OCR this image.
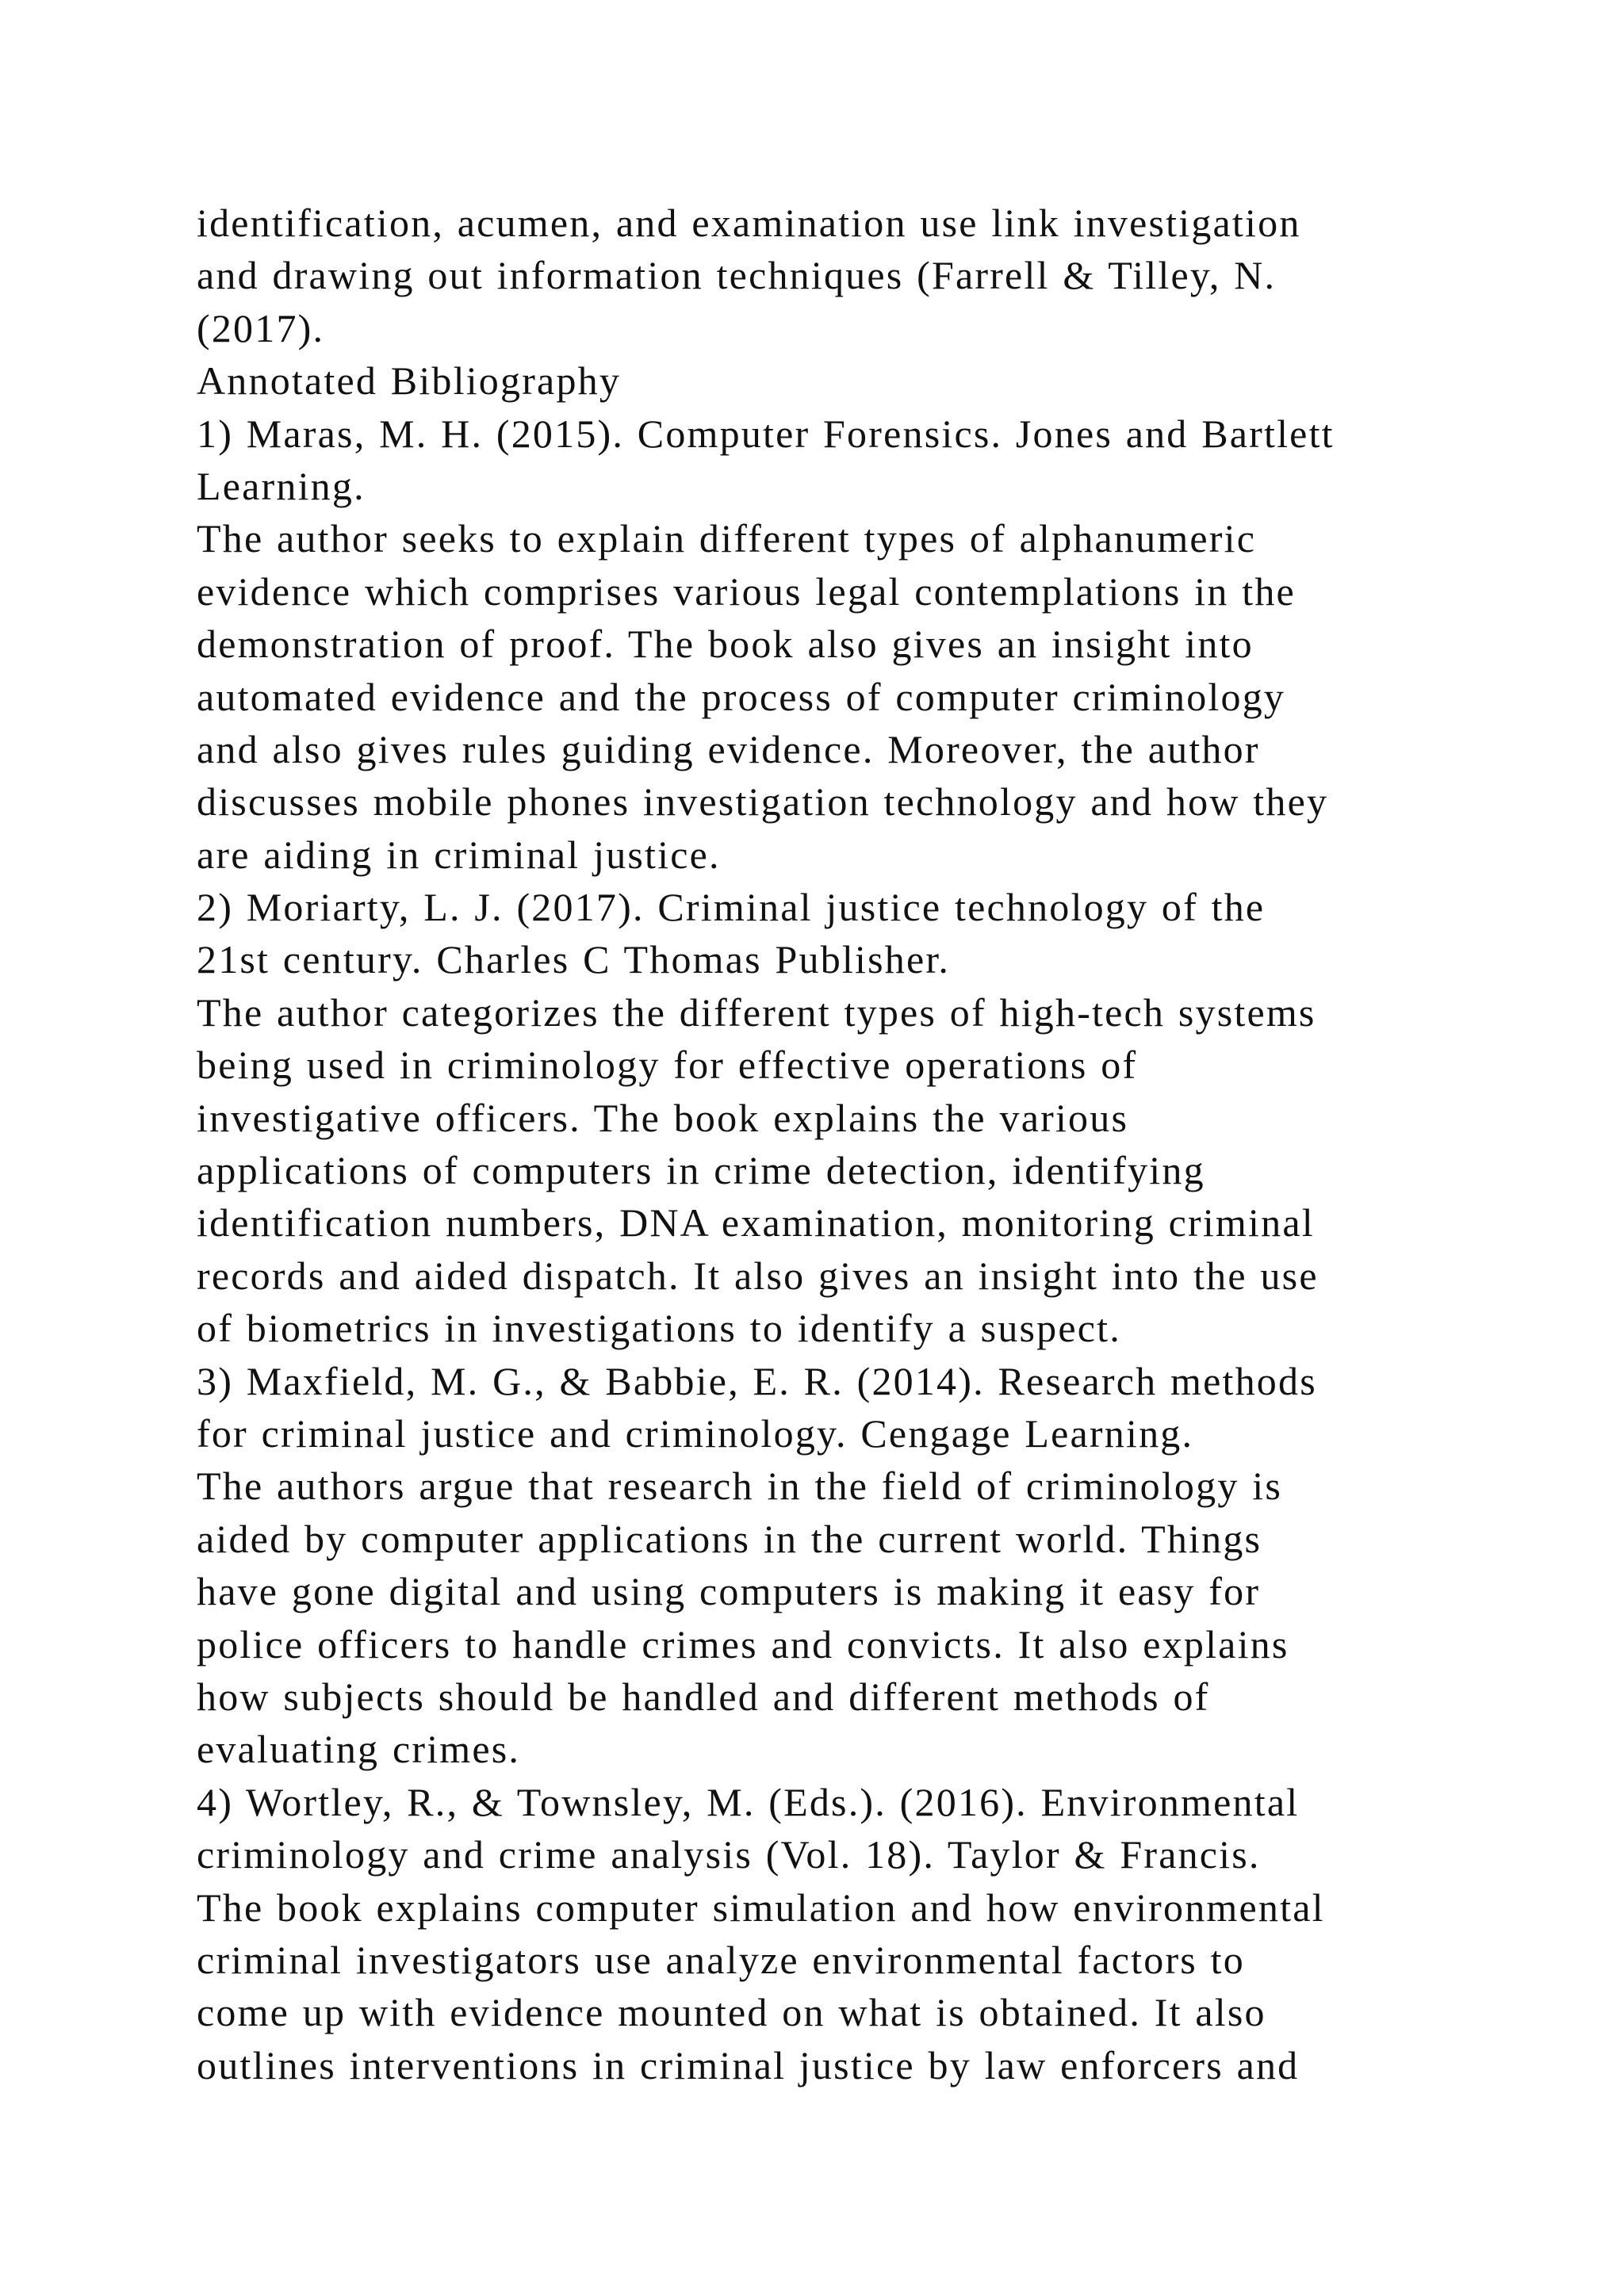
identification, acumen, and examination use link investigation
and drawing out information techniques (Farrell & Tilley, N.
(2017).
Annotated Bibliography
1) Maras, M. H. (2015). Computer Forensics. Jones and Bartlett
Learning.
The author seeks to explain different types of alphanumeric
evidence which comprises various legal contemplations in the
demonstration of proof. The book also gives an insight into
automated evidence and the process of computer criminology
and also gives rules guiding evidence. Moreover, the author
discusses mobile phones investigation technology and how they
are aiding in criminal justice.
2) Moriarty, L. J. (2017). Criminal justice technology of the
21st century. Charles C Thomas Publisher.
The author categorizes the different types of high-tech systems
being used in criminology for effective operations of
investigative officers. The book explains the various
applications of computers in crime detection, identifying
identification numbers, DNA examination, monitoring criminal
records and aided dispatch. It also gives an insight into the use
of biometrics in investigations to identify a suspect.
3) Maxfield, M. G., & Babbie, E. R. (2014). Research methods
for criminal justice and criminology. Cengage Learning.
The authors argue that research in the field of criminology is
aided by computer applications in the current world. Things
have gone digital and using computers is making it easy for
police officers to handle crimes and convicts. It also explains
how subjects should be handled and different methods of
evaluating crimes.
4) Wortley, R., & Townsley, M. (Eds.). (2016). Environmental
criminology and crime analysis (Vol. 18). Taylor & Francis.
The book explains computer simulation and how environmental
criminal investigators use analyze environmental factors to
come up with evidence mounted on what is obtained. It also
outlines interventions in criminal justice by law enforcers and
